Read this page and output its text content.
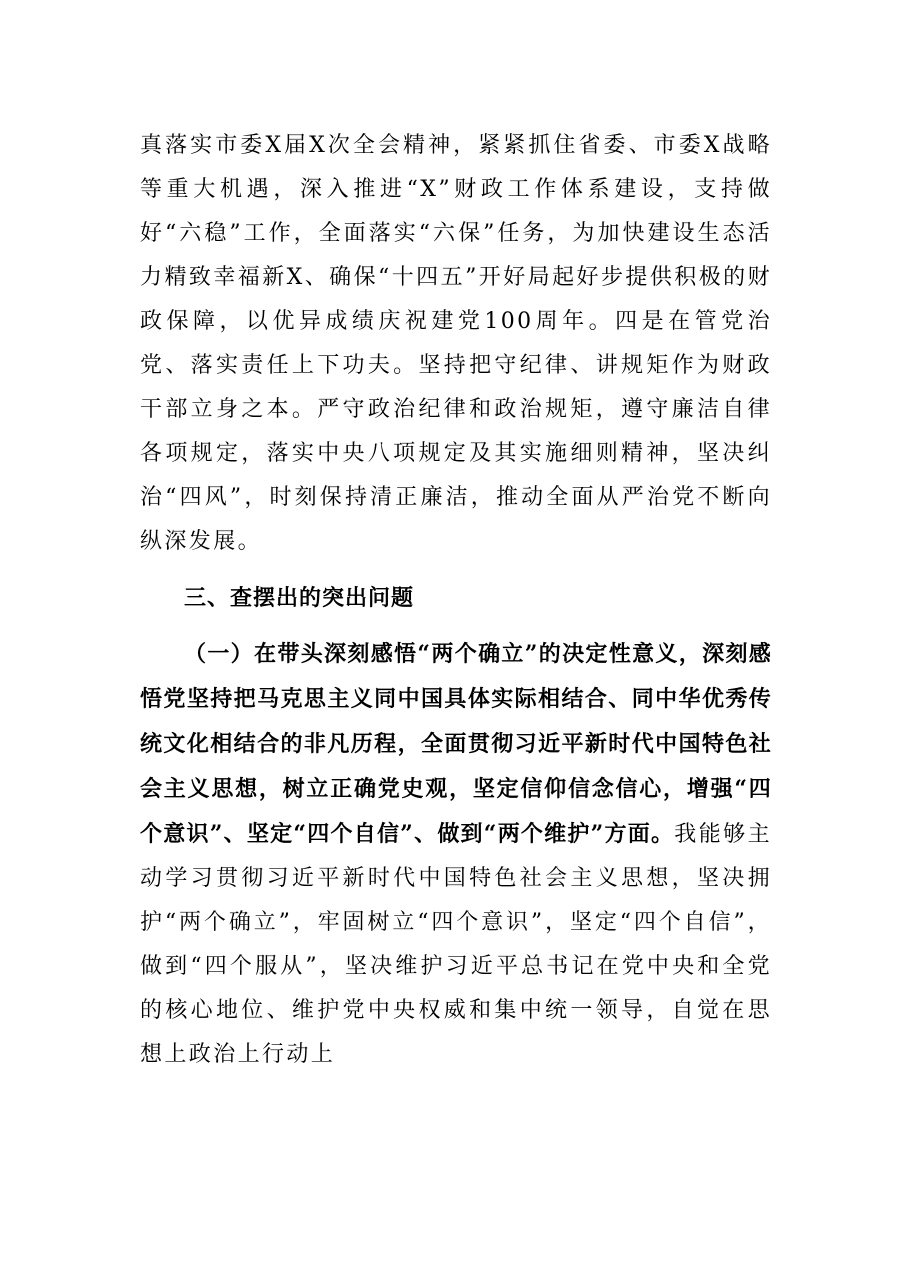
真落实市委X届X次全会精神，紧紧抓住省委、市委X战略等重大机遇，深入推进“X”财政工作体系建设，支持做好“六稳”工作，全面落实“六保”任务，为加快建设生态活力精致幸福新X、确保“十四五”开好局起好步提供积极的财政保障，以优异成绩庆祝建党100周年。四是在管党治党、落实责任上下功夫。坚持把守纪律、讲规矩作为财政干部立身之本。严守政治纪律和政治规矩，遵守廉洁自律各项规定，落实中央八项规定及其实施细则精神，坚决纠治“四风”，时刻保持清正廉洁，推动全面从严治党不断向纵深发展。

三、查摆出的突出问题

（一）在带头深刻感悟“两个确立”的决定性意义，深刻感悟党坚持把马克思主义同中国具体实际相结合、同中华优秀传统文化相结合的非凡历程，全面贯彻习近平新时代中国特色社会主义思想，树立正确党史观，坚定信仰信念信心，增强“四个意识”、坚定“四个自信”、做到“两个维护”方面。我能够主动学习贯彻习近平新时代中国特色社会主义思想，坚决拥护“两个确立”，牢固树立“四个意识”，坚定“四个自信”，做到“四个服从”，坚决维护习近平总书记在党中央和全党的核心地位、维护党中央权威和集中统一领导，自觉在思想上政治上行动上
